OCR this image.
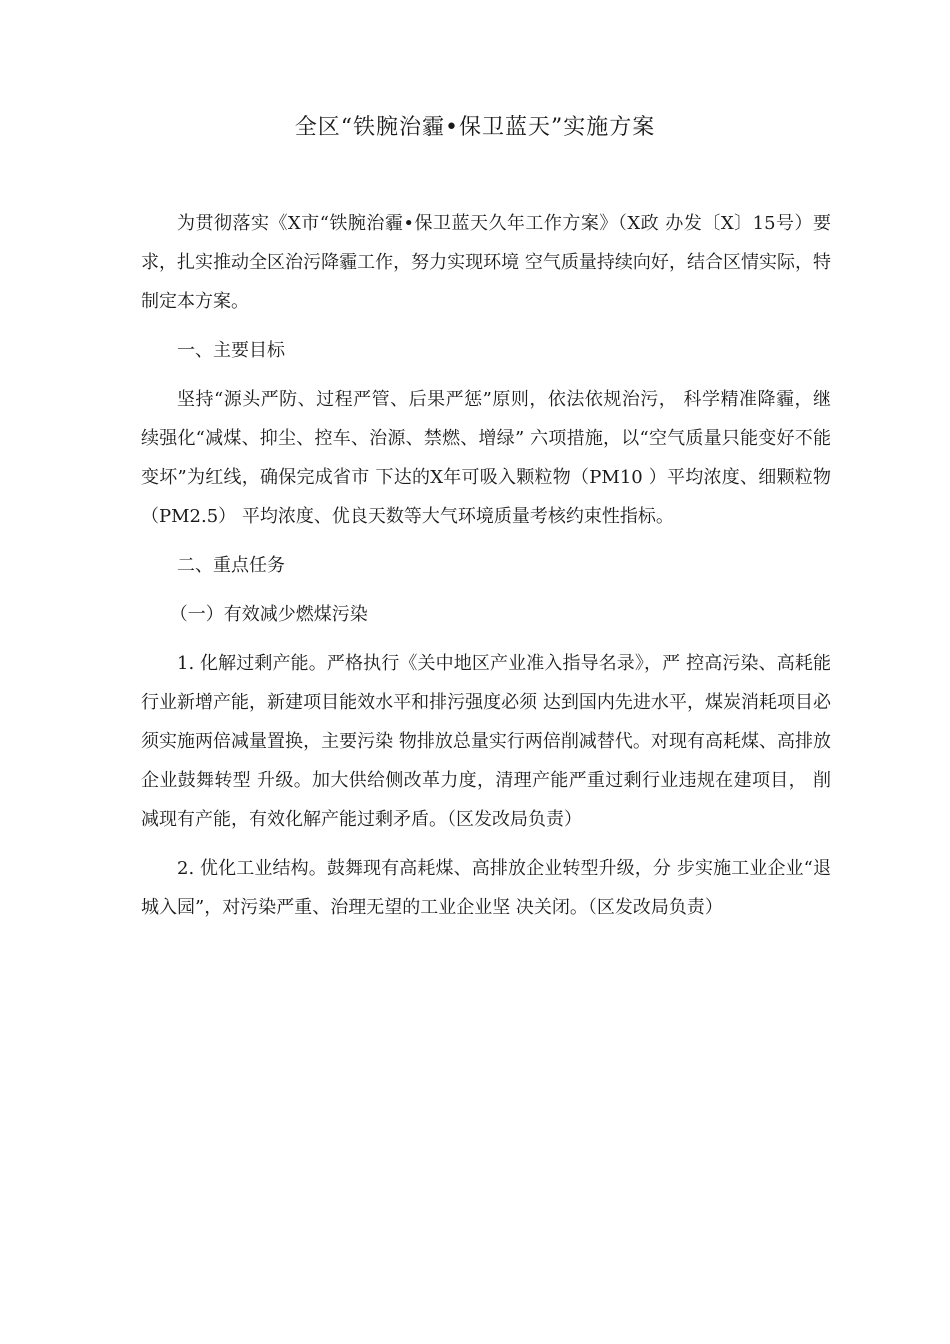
全区“铁腕治霾•保卫蓝天”实施方案

为贯彻落实《X市“铁腕治霾•保卫蓝天久年工作方案》（X政 办发〔X〕15号）要求，扎实推动全区治污降霾工作，努力实现环境 空气质量持续向好，结合区情实际，特制定本方案。

一、主要目标

坚持“源头严防、过程严管、后果严惩”原则，依法依规治污， 科学精准降霾，继续强化“减煤、抑尘、控车、治源、禁燃、增绿” 六项措施，以“空气质量只能变好不能变坏”为红线，确保完成省市 下达的X年可吸入颗粒物（PM10 ）平均浓度、细颗粒物（PM2.5） 平均浓度、优良天数等大气环境质量考核约束性指标。

二、重点任务

（一）有效减少燃煤污染

1. 化解过剩产能。严格执行《关中地区产业准入指导名录》，严 控高污染、高耗能行业新增产能，新建项目能效水平和排污强度必须 达到国内先进水平，煤炭消耗项目必须实施两倍减量置换，主要污染 物排放总量实行两倍削减替代。对现有高耗煤、高排放企业鼓舞转型 升级。加大供给侧改革力度，清理产能严重过剩行业违规在建项目， 削减现有产能，有效化解产能过剩矛盾。（区发改局负责）

2. 优化工业结构。鼓舞现有高耗煤、高排放企业转型升级，分 步实施工业企业“退城入园”，对污染严重、治理无望的工业企业坚 决关闭。（区发改局负责）
